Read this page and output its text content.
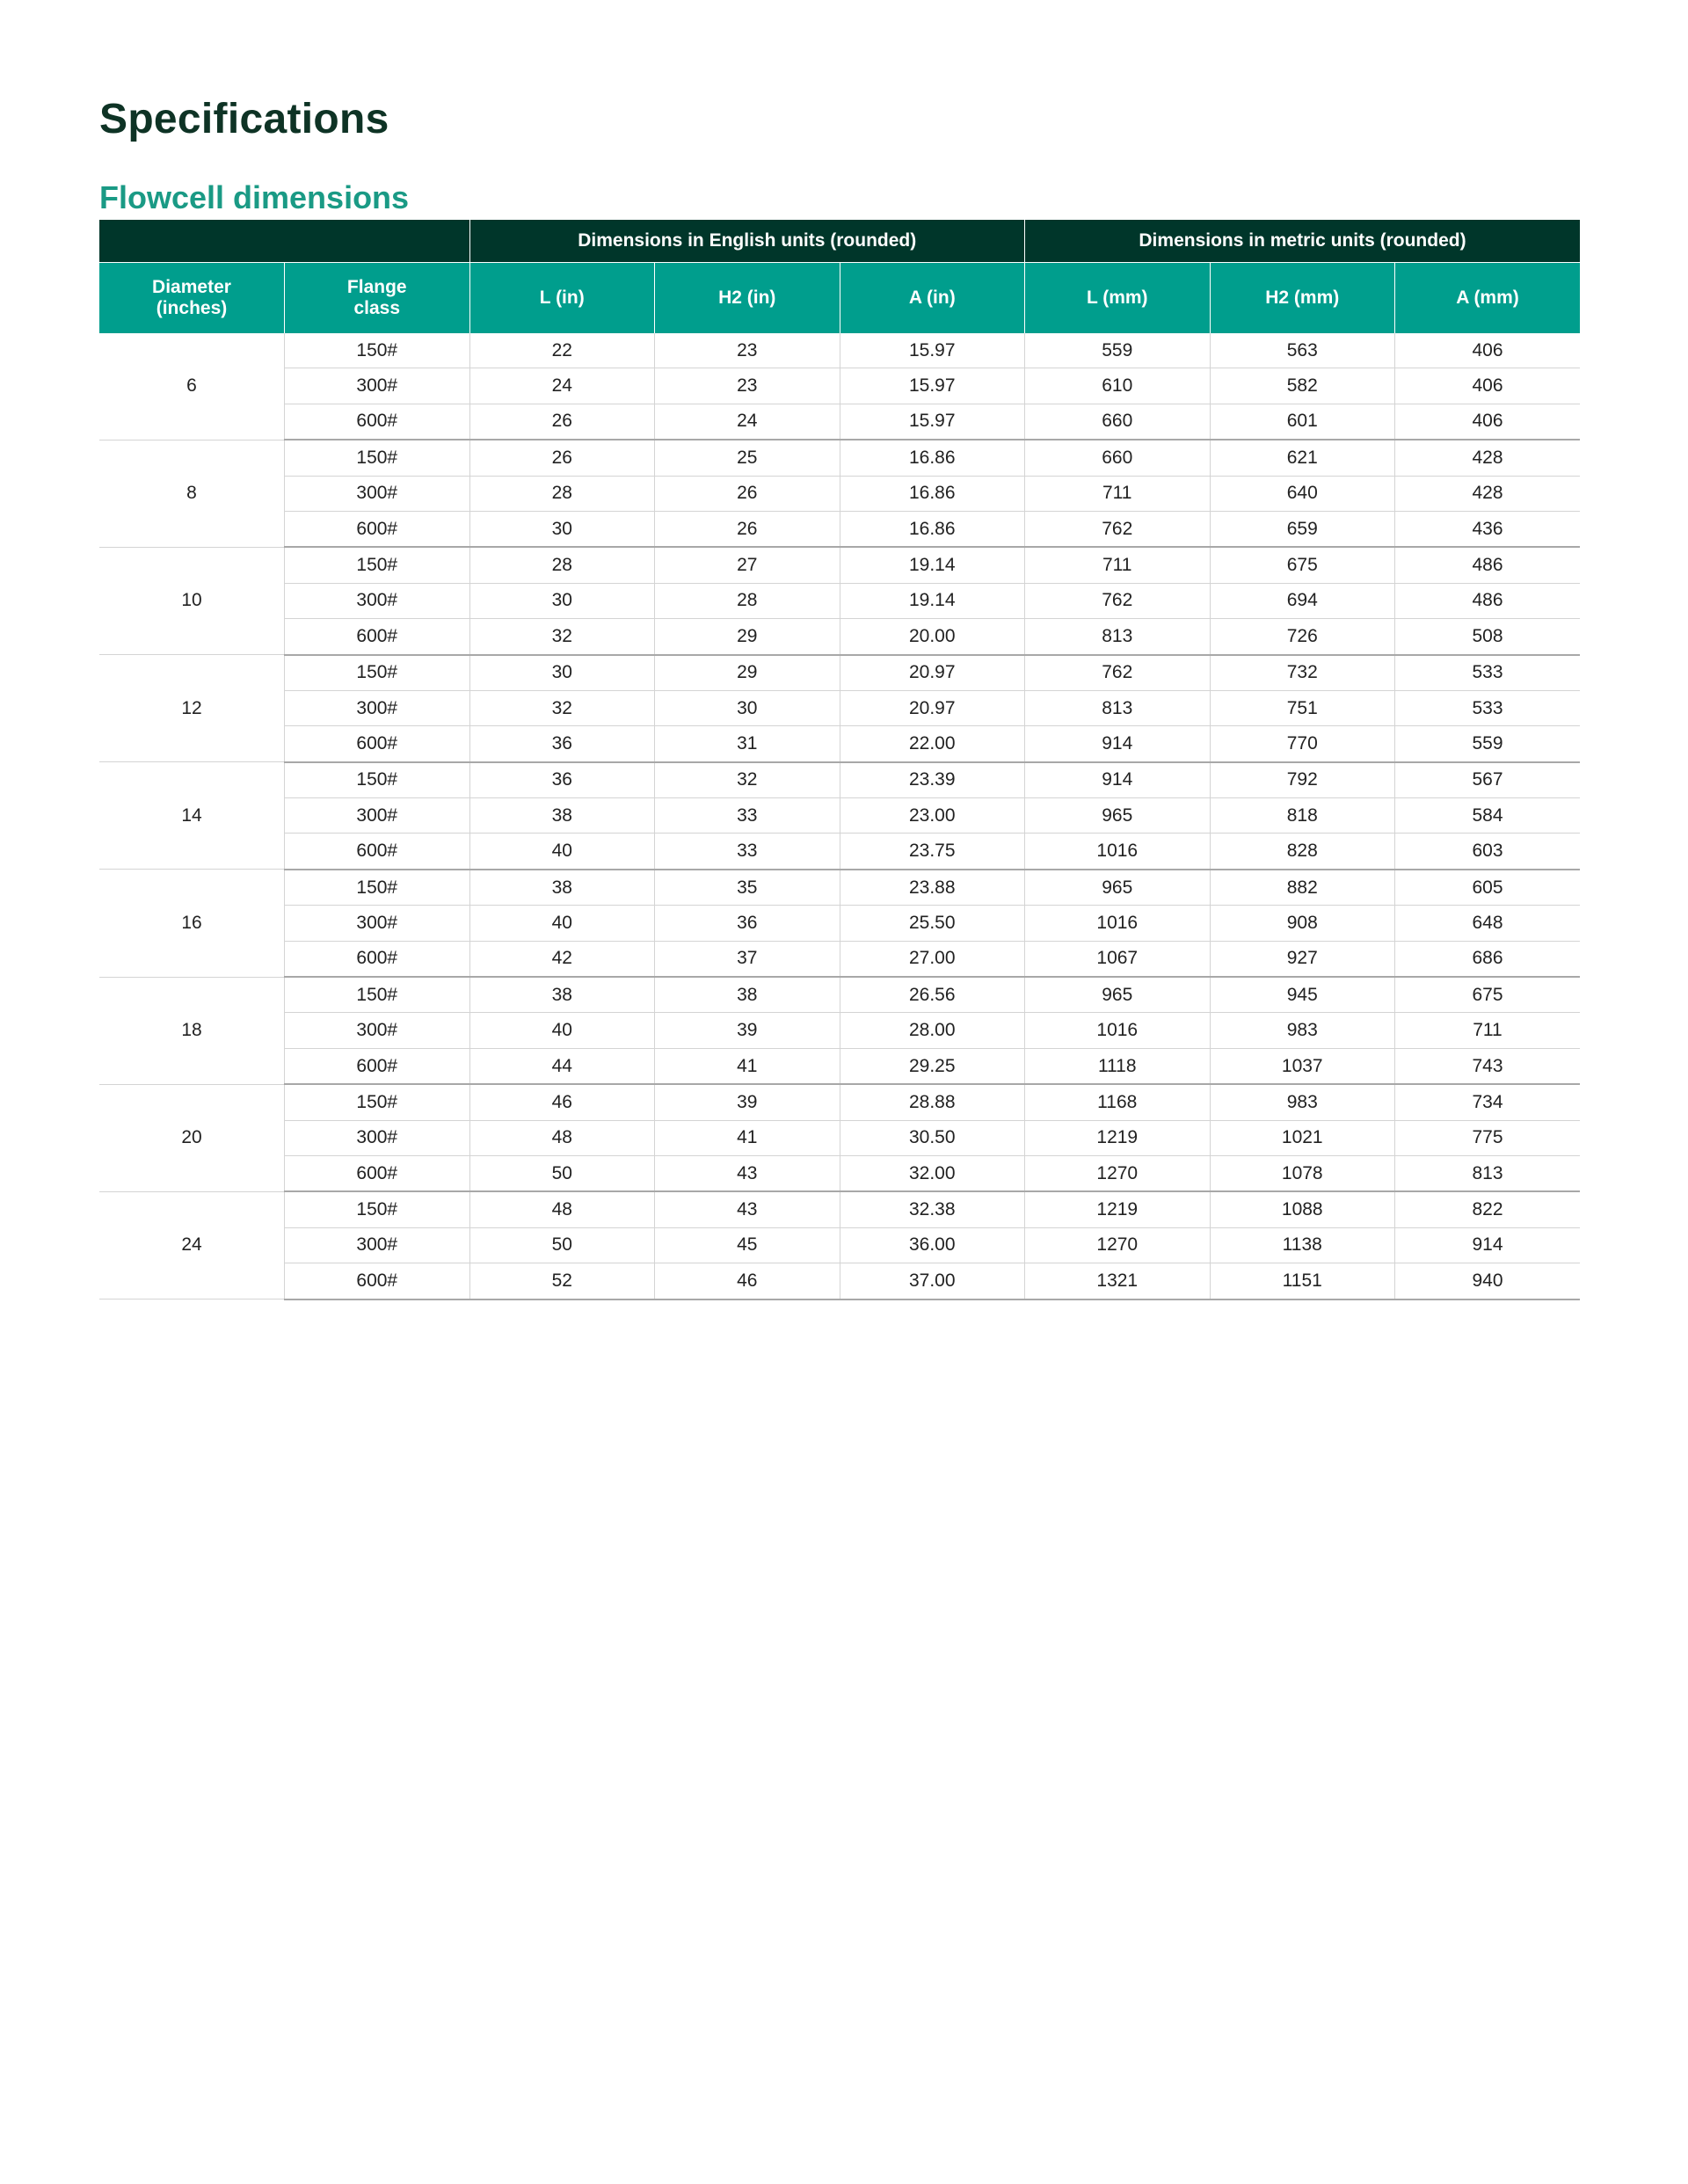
Specifications
Flowcell dimensions
		Dimensions in English units (rounded)			Dimensions in metric units (rounded)		
Diameter (inches)	Flange class	L (in)	H2 (in)	A (in)	L (mm)	H2 (mm)	A (mm)
6	150#	22	23	15.97	559	563	406
	300#	24	23	15.97	610	582	406
	600#	26	24	15.97	660	601	406
8	150#	26	25	16.86	660	621	428
	300#	28	26	16.86	711	640	428
	600#	30	26	16.86	762	659	436
10	150#	28	27	19.14	711	675	486
	300#	30	28	19.14	762	694	486
	600#	32	29	20.00	813	726	508
12	150#	30	29	20.97	762	732	533
	300#	32	30	20.97	813	751	533
	600#	36	31	22.00	914	770	559
14	150#	36	32	23.39	914	792	567
	300#	38	33	23.00	965	818	584
	600#	40	33	23.75	1016	828	603
16	150#	38	35	23.88	965	882	605
	300#	40	36	25.50	1016	908	648
	600#	42	37	27.00	1067	927	686
18	150#	38	38	26.56	965	945	675
	300#	40	39	28.00	1016	983	711
	600#	44	41	29.25	1118	1037	743
20	150#	46	39	28.88	1168	983	734
	300#	48	41	30.50	1219	1021	775
	600#	50	43	32.00	1270	1078	813
24	150#	48	43	32.38	1219	1088	822
	300#	50	45	36.00	1270	1138	914
	600#	52	46	37.00	1321	1151	940
